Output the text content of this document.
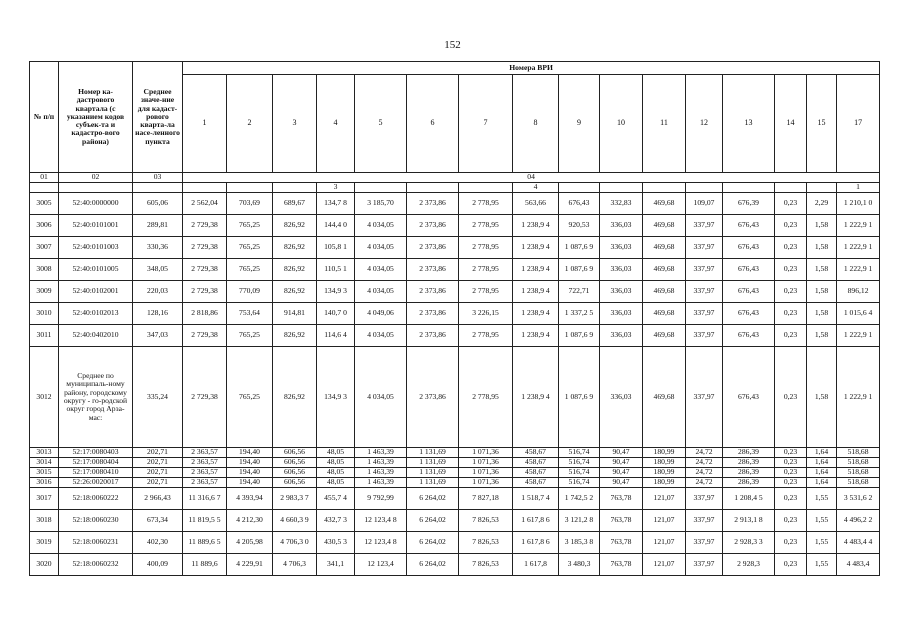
152
№ п/п	Номер ка-дастрового квартала (с указанием кодов субъек-та и кадастро-вого района)	Среднее значе-ние для кадаст-рового кварта-ла насе-ленного пункта	Номера ВРИ															
			1	2	3	4	5	6	7	8	9	10	11	12	13	14	15	17
01	02	03	04															
						3				4								1
3005	52:40:0000000	605,06	2 562,04	703,69	689,67	134,7 8	3 185,70	2 373,86	2 778,95	563,66	676,43	332,83	469,68	109,07	676,39	0,23	2,29	1 210,1 0
3006	52:40:0101001	289,81	2 729,38	765,25	826,92	144,4 0	4 034,05	2 373,86	2 778,95	1 238,9 4	920,53	336,03	469,68	337,97	676,43	0,23	1,58	1 222,9 1
3007	52:40:0101003	330,36	2 729,38	765,25	826,92	105,8 1	4 034,05	2 373,86	2 778,95	1 238,9 4	1 087,6 9	336,03	469,68	337,97	676,43	0,23	1,58	1 222,9 1
3008	52:40:0101005	348,05	2 729,38	765,25	826,92	110,5 1	4 034,05	2 373,86	2 778,95	1 238,9 4	1 087,6 9	336,03	469,68	337,97	676,43	0,23	1,58	1 222,9 1
3009	52:40:0102001	220,03	2 729,38	770,09	826,92	134,9 3	4 034,05	2 373,86	2 778,95	1 238,9 4	722,71	336,03	469,68	337,97	676,43	0,23	1,58	896,12
3010	52:40:0102013	128,16	2 818,86	753,64	914,81	140,7 0	4 049,06	2 373,86	3 226,15	1 238,9 4	1 337,2 5	336,03	469,68	337,97	676,43	0,23	1,58	1 015,6 4
3011	52:40:0402010	347,03	2 729,38	765,25	826,92	114,6 4	4 034,05	2 373,86	2 778,95	1 238,9 4	1 087,6 9	336,03	469,68	337,97	676,43	0,23	1,58	1 222,9 1
3012	Среднее по муниципаль-ному району, городскому округу - го-родской округ город Арза-мас:	335,24	2 729,38	765,25	826,92	134,9 3	4 034,05	2 373,86	2 778,95	1 238,9 4	1 087,6 9	336,03	469,68	337,97	676,43	0,23	1,58	1 222,9 1
3013	52:17:0080403	202,71	2 363,57	194,40	606,56	48,05	1 463,39	1 131,69	1 071,36	458,67	516,74	90,47	180,99	24,72	286,39	0,23	1,64	518,68
3014	52:17:0080404	202,71	2 363,57	194,40	606,56	48,05	1 463,39	1 131,69	1 071,36	458,67	516,74	90,47	180,99	24,72	286,39	0,23	1,64	518,68
3015	52:17:0080410	202,71	2 363,57	194,40	606,56	48,05	1 463,39	1 131,69	1 071,36	458,67	516,74	90,47	180,99	24,72	286,39	0,23	1,64	518,68
3016	52:26:0020017	202,71	2 363,57	194,40	606,56	48,05	1 463,39	1 131,69	1 071,36	458,67	516,74	90,47	180,99	24,72	286,39	0,23	1,64	518,68
3017	52:18:0060222	2 966,43	11 316,6 7	4 393,94	2 983,3 7	455,7 4	9 792,99	6 264,02	7 827,18	1 518,7 4	1 742,5 2	763,78	121,07	337,97	1 208,4 5	0,23	1,55	3 531,6 2
3018	52:18:0060230	673,34	11 819,5 5	4 212,30	4 660,3 9	432,7 3	12 123,4 8	6 264,02	7 826,53	1 617,8 6	3 121,2 8	763,78	121,07	337,97	2 913,1 8	0,23	1,55	4 496,2 2
3019	52:18:0060231	402,30	11 889,6 5	4 205,98	4 706,3 0	430,5 3	12 123,4 8	6 264,02	7 826,53	1 617,8 6	3 185,3 8	763,78	121,07	337,97	2 928,3 3	0,23	1,55	4 483,4 4
3020	52:18:0060232	400,09	11 889,6	4 229,91	4 706,3	341,1	12 123,4	6 264,02	7 826,53	1 617,8	3 480,3	763,78	121,07	337,97	2 928,3	0,23	1,55	4 483,4
